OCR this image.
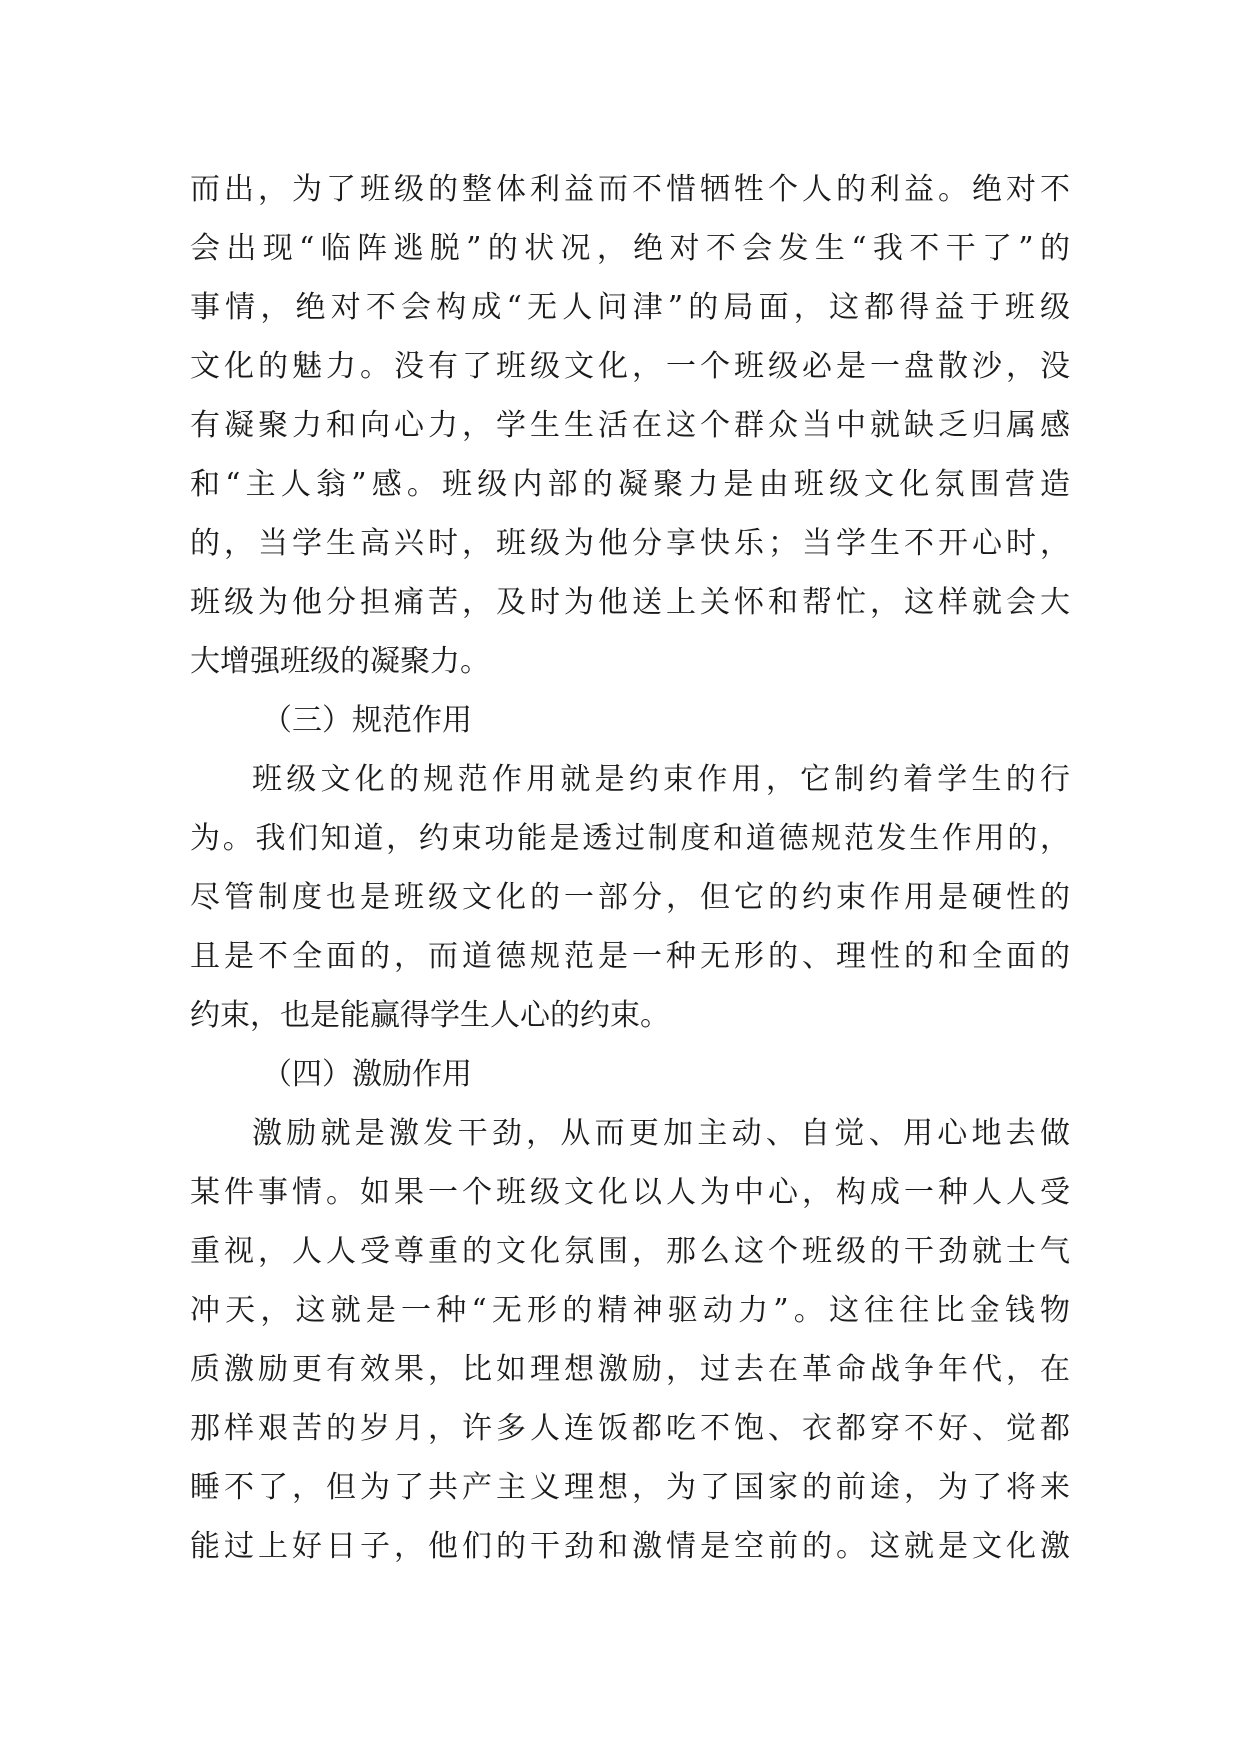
而出，为了班级的整体利益而不惜牺牲个人的利益。绝对不
会出现“临阵逃脱”的状况，绝对不会发生“我不干了”的
事情，绝对不会构成“无人问津”的局面，这都得益于班级
文化的魅力。没有了班级文化，一个班级必是一盘散沙，没
有凝聚力和向心力，学生生活在这个群众当中就缺乏归属感
和“主人翁”感。班级内部的凝聚力是由班级文化氛围营造
的，当学生高兴时，班级为他分享快乐；当学生不开心时，
班级为他分担痛苦，及时为他送上关怀和帮忙，这样就会大
大增强班级的凝聚力。
（三）规范作用
班级文化的规范作用就是约束作用，它制约着学生的行
为。我们知道，约束功能是透过制度和道德规范发生作用的，
尽管制度也是班级文化的一部分，但它的约束作用是硬性的
且是不全面的，而道德规范是一种无形的、理性的和全面的
约束，也是能赢得学生人心的约束。
（四）激励作用
激励就是激发干劲，从而更加主动、自觉、用心地去做
某件事情。如果一个班级文化以人为中心，构成一种人人受
重视，人人受尊重的文化氛围，那么这个班级的干劲就士气
冲天，这就是一种“无形的精神驱动力”。这往往比金钱物
质激励更有效果，比如理想激励，过去在革命战争年代，在
那样艰苦的岁月，许多人连饭都吃不饱、衣都穿不好、觉都
睡不了，但为了共产主义理想，为了国家的前途，为了将来
能过上好日子，他们的干劲和激情是空前的。这就是文化激
